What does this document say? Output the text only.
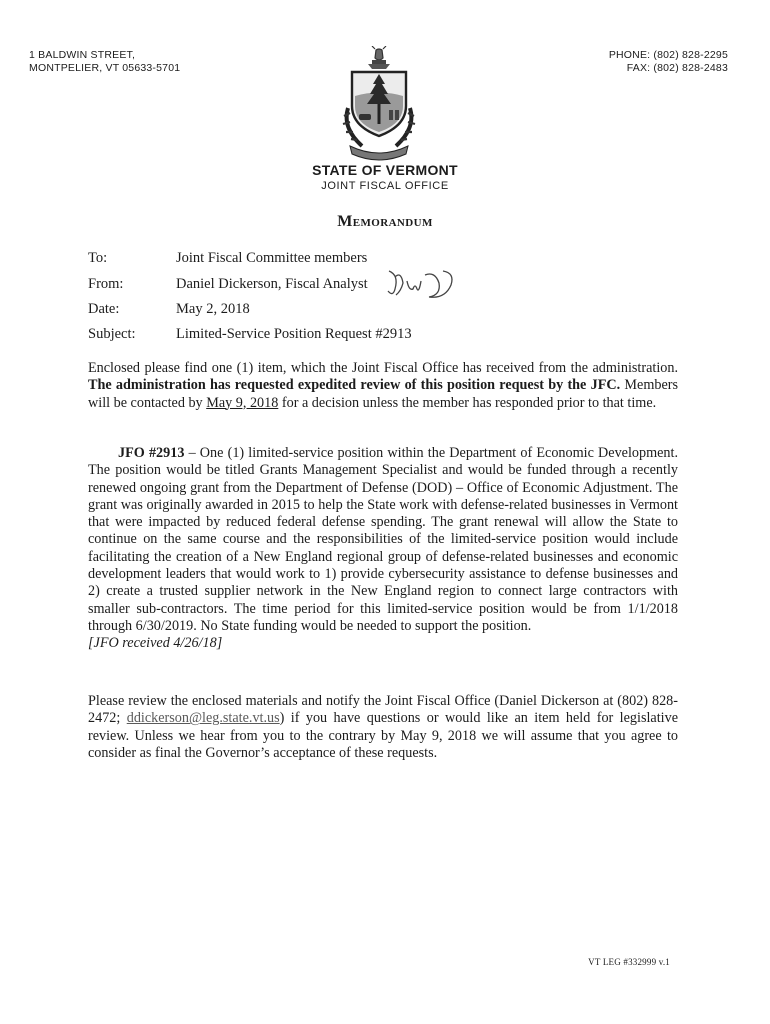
1 BALDWIN STREET,
MONTPELIER, VT 05633-5701
PHONE: (802) 828-2295
FAX: (802) 828-2483
STATE OF VERMONT
JOINT FISCAL OFFICE
Memorandum
To:	Joint Fiscal Committee members
From:	Daniel Dickerson, Fiscal Analyst
Date:	May 2, 2018
Subject:	Limited-Service Position Request #2913
Enclosed please find one (1) item, which the Joint Fiscal Office has received from the administration. The administration has requested expedited review of this position request by the JFC. Members will be contacted by May 9, 2018 for a decision unless the member has responded prior to that time.
JFO #2913 – One (1) limited-service position within the Department of Economic Development. The position would be titled Grants Management Specialist and would be funded through a recently renewed ongoing grant from the Department of Defense (DOD) – Office of Economic Adjustment. The grant was originally awarded in 2015 to help the State work with defense-related businesses in Vermont that were impacted by reduced federal defense spending. The grant renewal will allow the State to continue on the same course and the responsibilities of the limited-service position would include facilitating the creation of a New England regional group of defense-related businesses and economic development leaders that would work to 1) provide cybersecurity assistance to defense businesses and 2) create a trusted supplier network in the New England region to connect large contractors with smaller sub-contractors. The time period for this limited-service position would be from 1/1/2018 through 6/30/2019. No State funding would be needed to support the position.
[JFO received 4/26/18]
Please review the enclosed materials and notify the Joint Fiscal Office (Daniel Dickerson at (802) 828-2472; ddickerson@leg.state.vt.us) if you have questions or would like an item held for legislative review. Unless we hear from you to the contrary by May 9, 2018 we will assume that you agree to consider as final the Governor’s acceptance of these requests.
VT LEG #332999 v.1
